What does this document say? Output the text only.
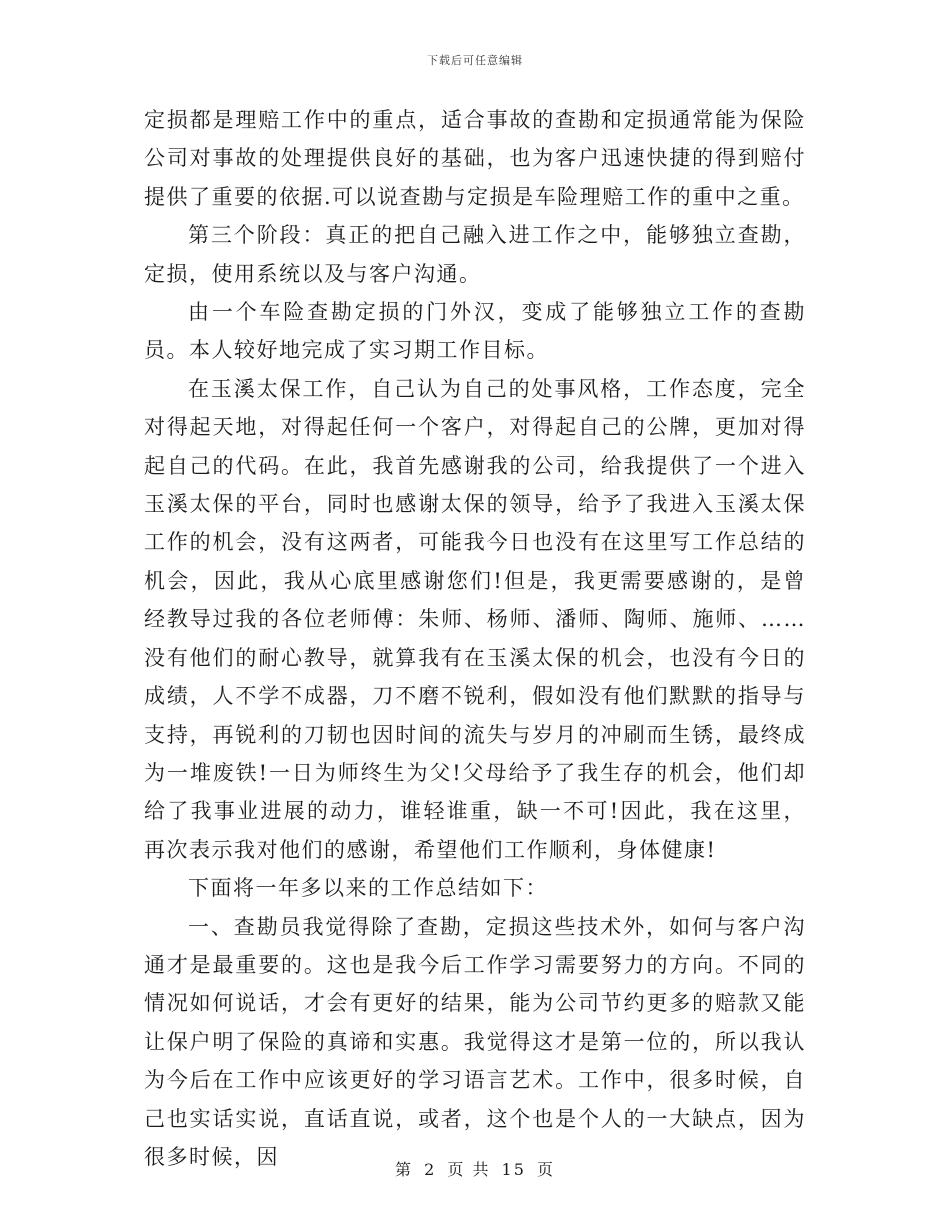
下载后可任意编辑

定损都是理赔工作中的重点，适合事故的查勘和定损通常能为保险公司对事故的处理提供良好的基础，也为客户迅速快捷的得到赔付提供了重要的依据.可以说查勘与定损是车险理赔工作的重中之重。

第三个阶段：真正的把自己融入进工作之中，能够独立查勘，定损，使用系统以及与客户沟通。

由一个车险查勘定损的门外汉，变成了能够独立工作的查勘员。本人较好地完成了实习期工作目标。

在玉溪太保工作，自己认为自己的处事风格，工作态度，完全对得起天地，对得起任何一个客户，对得起自己的公牌，更加对得起自己的代码。在此，我首先感谢我的公司，给我提供了一个进入玉溪太保的平台，同时也感谢太保的领导，给予了我进入玉溪太保工作的机会，没有这两者，可能我今日也没有在这里写工作总结的机会，因此，我从心底里感谢您们!但是，我更需要感谢的，是曾经教导过我的各位老师傅：朱师、杨师、潘师、陶师、施师、……没有他们的耐心教导，就算我有在玉溪太保的机会，也没有今日的成绩，人不学不成器，刀不磨不锐利，假如没有他们默默的指导与支持，再锐利的刀韧也因时间的流失与岁月的冲刷而生锈，最终成为一堆废铁!一日为师终生为父!父母给予了我生存的机会，他们却给了我事业进展的动力，谁轻谁重，缺一不可!因此，我在这里，再次表示我对他们的感谢，希望他们工作顺利，身体健康!

下面将一年多以来的工作总结如下：

一、查勘员我觉得除了查勘，定损这些技术外，如何与客户沟通才是最重要的。这也是我今后工作学习需要努力的方向。不同的情况如何说话，才会有更好的结果，能为公司节约更多的赔款又能让保户明了保险的真谛和实惠。我觉得这才是第一位的，所以我认为今后在工作中应该更好的学习语言艺术。工作中，很多时候，自己也实话实说，直话直说，或者，这个也是个人的一大缺点，因为很多时候，因

第 2 页 共 15 页
